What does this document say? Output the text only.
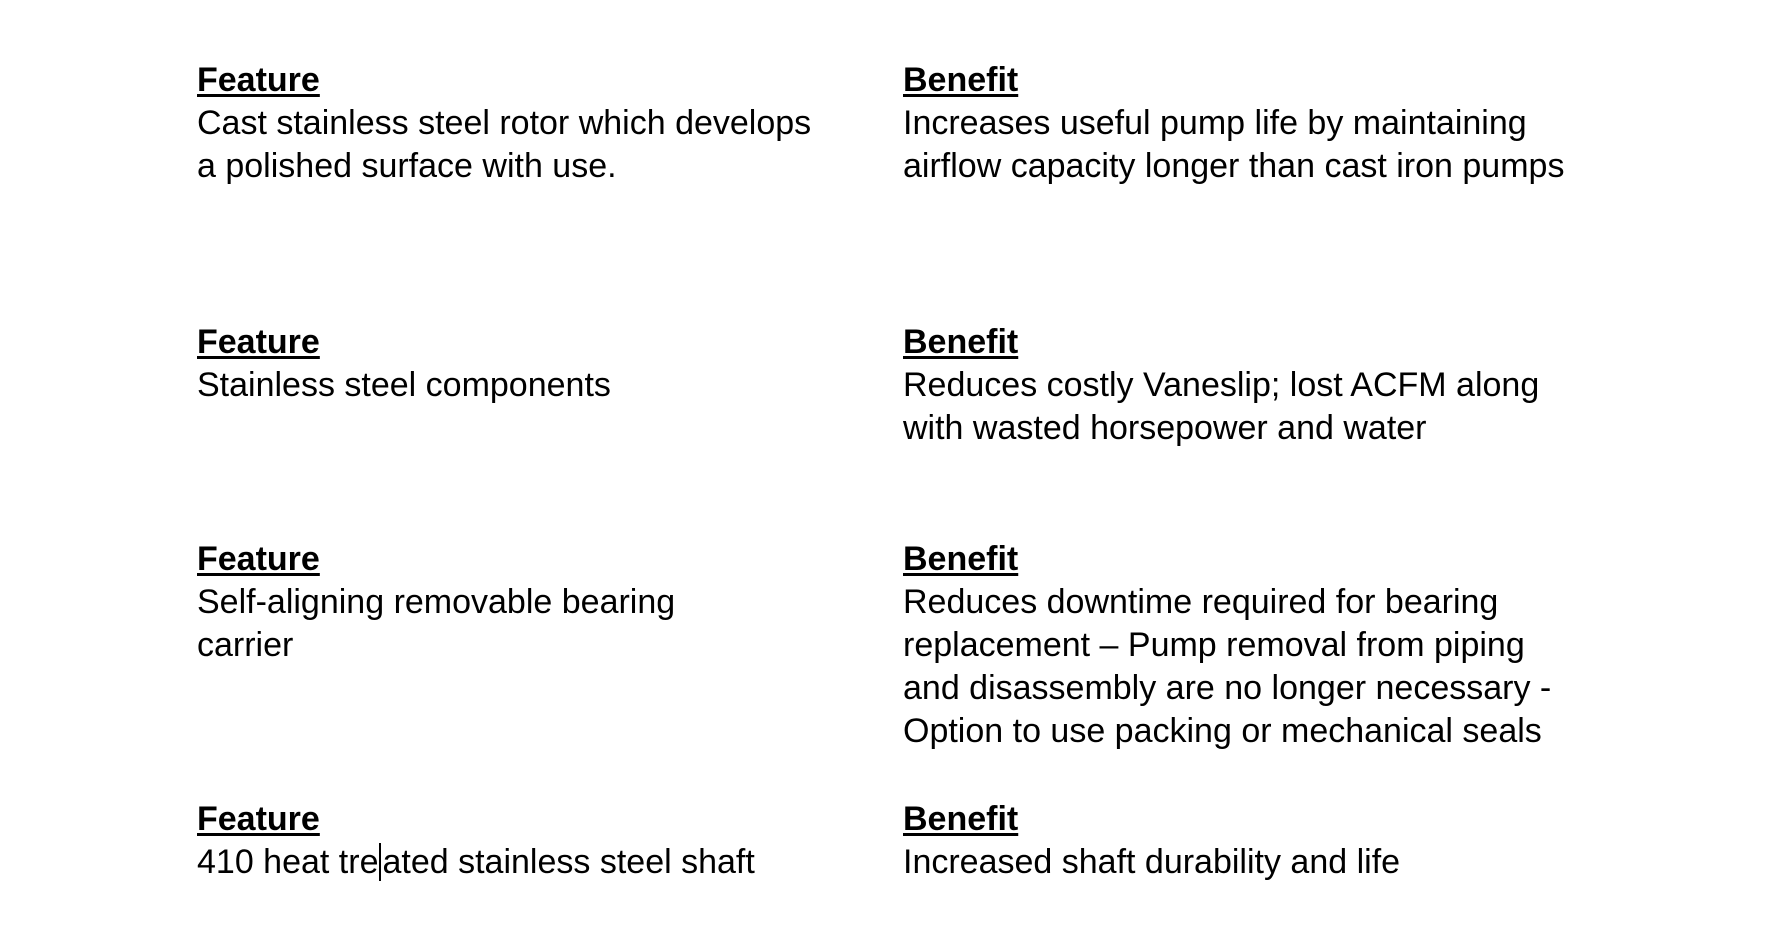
Feature
Cast stainless steel rotor which develops
a polished surface with use.
Benefit
Increases useful pump life by maintaining
airflow capacity longer than cast iron pumps
Feature
Stainless steel components
Benefit
Reduces costly Vaneslip; lost ACFM along
with wasted horsepower and water
Feature
Self-aligning removable bearing
carrier
Benefit
Reduces downtime required for bearing
replacement – Pump removal from piping
and disassembly are no longer necessary -
Option to use packing or mechanical seals
Feature
410 heat tre ated stainless steel shaft
Benefit
Increased shaft durability and life
